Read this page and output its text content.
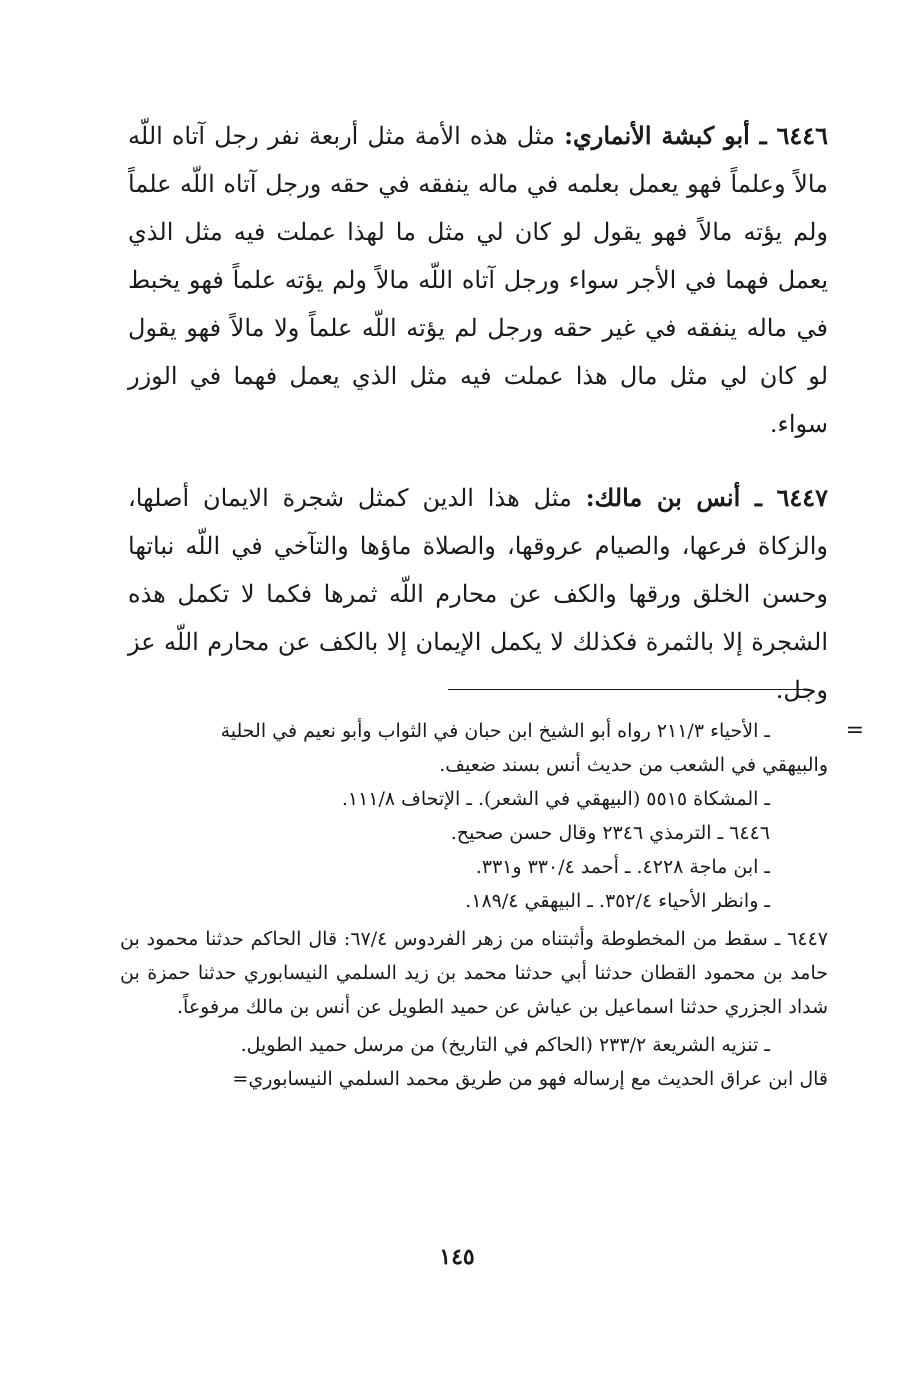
٦٤٤٦ ـ أبو كبشة الأنماري: مثل هذه الأمة مثل أربعة نفر رجل آتاه اللّه مالاً وعلماً فهو يعمل بعلمه في ماله ينفقه في حقه ورجل آتاه اللّه علماً ولم يؤته مالاً فهو يقول لو كان لي مثل ما لهذا عملت فيه مثل الذي يعمل فهما في الأجر سواء ورجل آتاه اللّه مالاً ولم يؤته علماً فهو يخبط في ماله ينفقه في غير حقه ورجل لم يؤته اللّه علماً ولا مالاً فهو يقول لو كان لي مثل مال هذا عملت فيه مثل الذي يعمل فهما في الوزر سواء.

٦٤٤٧ ـ أنس بن مالك: مثل هذا الدين كمثل شجرة الايمان أصلها، والزكاة فرعها، والصيام عروقها، والصلاة ماؤها والتآخي في اللّه نباتها وحسن الخلق ورقها والكف عن محارم اللّه ثمرها فكما لا تكمل هذه الشجرة إلا بالثمرة فكذلك لا يكمل الإيمان إلا بالكف عن محارم اللّه عز وجل.

=

ـ الأحياء ٢١١/٣ رواه أبو الشيخ ابن حبان في الثواب وأبو نعيم في الحلية

والبيهقي في الشعب من حديث أنس بسند ضعيف.

ـ المشكاة ٥٥١٥ (البيهقي في الشعر). ـ الإتحاف ١١١/٨.

٦٤٤٦ ـ الترمذي ٢٣٤٦ وقال حسن صحيح.

ـ ابن ماجة ٤٢٢٨. ـ أحمد ٣٣٠/٤ و٣٣١.

ـ وانظر الأحياء ٣٥٢/٤. ـ البيهقي ١٨٩/٤.

٦٤٤٧ ـ سقط من المخطوطة وأثبتناه من زهر الفردوس ٦٧/٤: قال الحاكم حدثنا محمود بن حامد بن محمود القطان حدثنا أبي حدثنا محمد بن زيد السلمي النيسابوري حدثنا حمزة بن شداد الجزري حدثنا اسماعيل بن عياش عن حميد الطويل عن أنس بن مالك مرفوعاً.

ـ تنزيه الشريعة ٢٣٣/٢ (الحاكم في التاريخ) من مرسل حميد الطويل.

قال ابن عراق الحديث مع إرساله فهو من طريق محمد السلمي النيسابوري=

١٤٥
